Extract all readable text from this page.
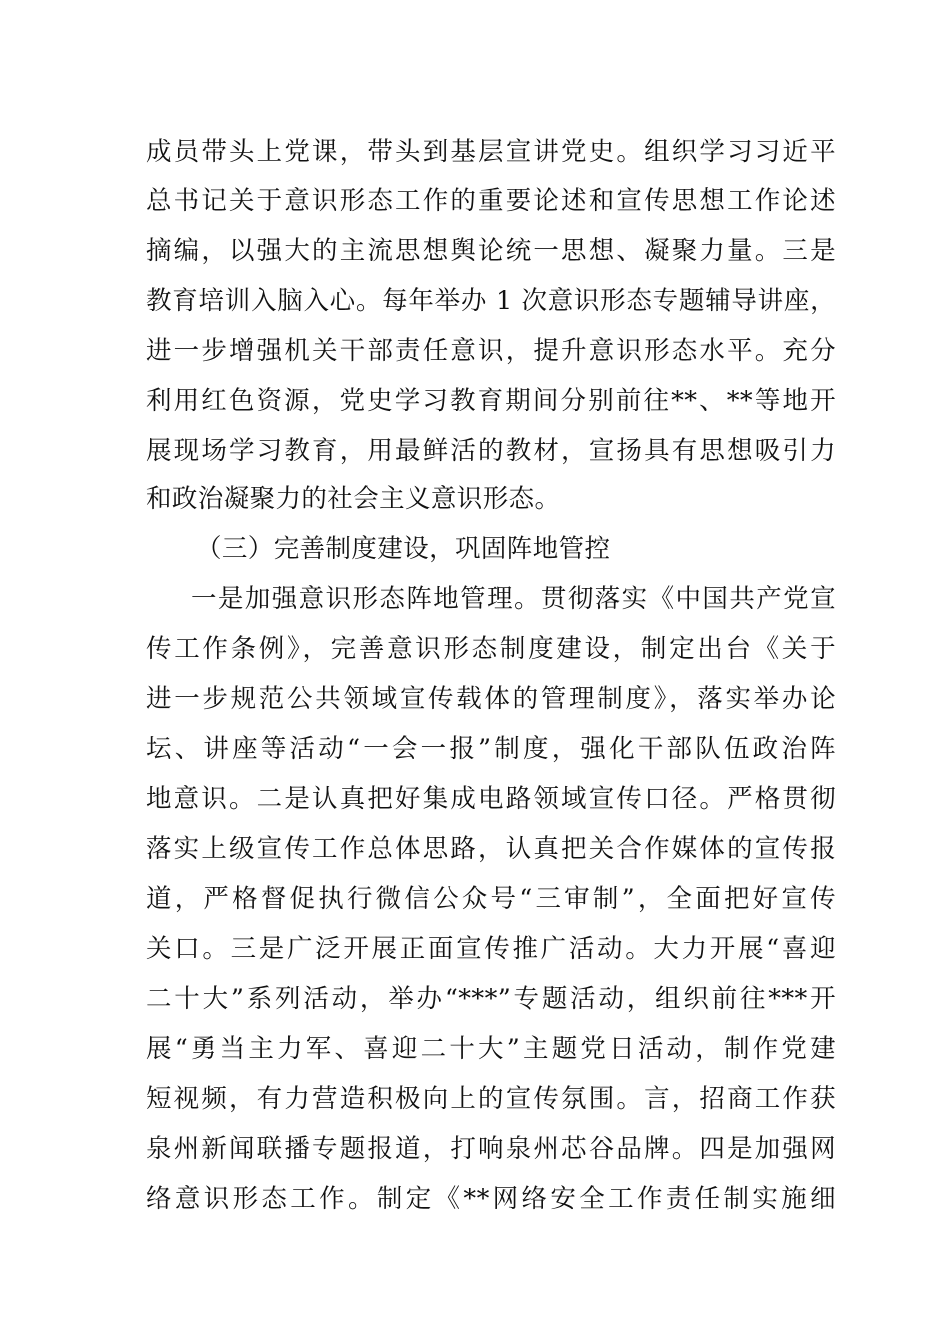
成员带头上党课，带头到基层宣讲党史。组织学习习近平
总书记关于意识形态工作的重要论述和宣传思想工作论述
摘编，以强大的主流思想舆论统一思想、凝聚力量。三是
教育培训入脑入心。每年举办 1 次意识形态专题辅导讲座，
进一步增强机关干部责任意识，提升意识形态水平。充分
利用红色资源，党史学习教育期间分别前往**、**等地开
展现场学习教育，用最鲜活的教材，宣扬具有思想吸引力
和政治凝聚力的社会主义意识形态。
（三）完善制度建设，巩固阵地管控
一是加强意识形态阵地管理。贯彻落实《中国共产党宣
传工作条例》，完善意识形态制度建设，制定出台《关于
进一步规范公共领域宣传载体的管理制度》，落实举办论
坛、讲座等活动“一会一报”制度，强化干部队伍政治阵
地意识。二是认真把好集成电路领域宣传口径。严格贯彻
落实上级宣传工作总体思路，认真把关合作媒体的宣传报
道，严格督促执行微信公众号“三审制”，全面把好宣传
关口。三是广泛开展正面宣传推广活动。大力开展“喜迎
二十大”系列活动，举办“***”专题活动，组织前往***开
展“勇当主力军、喜迎二十大”主题党日活动，制作党建
短视频，有力营造积极向上的宣传氛围。言，招商工作获
泉州新闻联播专题报道，打响泉州芯谷品牌。四是加强网
络意识形态工作。制定《**网络安全工作责任制实施细
